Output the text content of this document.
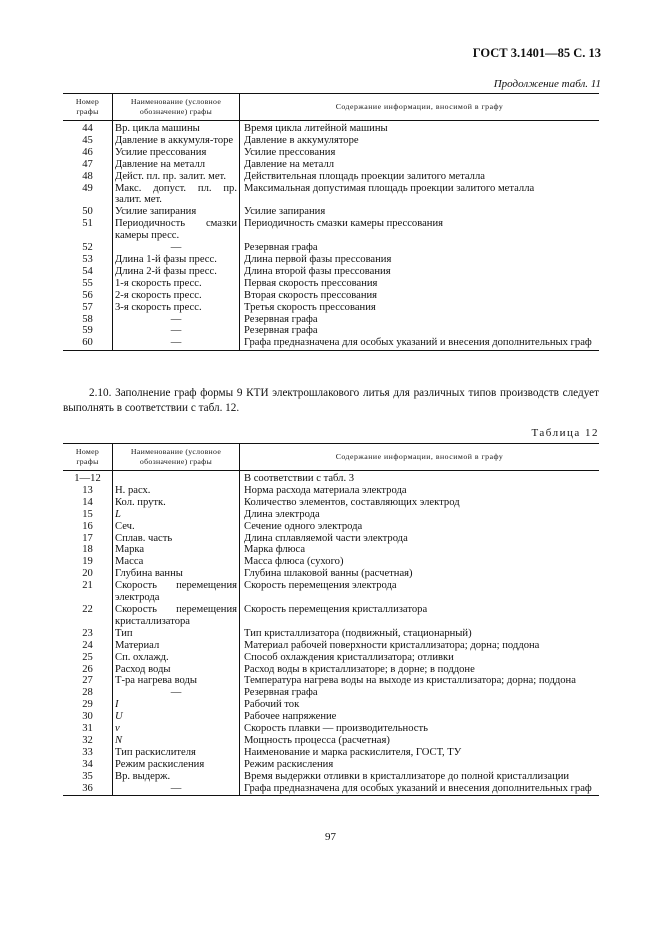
ГОСТ 3.1401—85 С. 13
Продолжение табл. 11
Номер графы	Наименование (условное обозначение) графы	Содержание информации, вносимой в графу
44	Вр. цикла машины	Время цикла литейной машины
45	Давление в аккумуля-торе	Давление в аккумуляторе
46	Усилие прессования	Усилие прессования
47	Давление на металл	Давление на металл
48	Дейст. пл. пр. залит. мет.	Действительная площадь проекции залитого металла
49	Макс. допуст. пл. пр. залит. мет.	Максимальная допустимая площадь проекции залитого металла
50	Усилие запирания	Усилие запирания
51	Периодичность смазки камеры пресс.	Периодичность смазки камеры прессования
52	—	Резервная графа
53	Длина 1-й фазы пресс.	Длина первой фазы прессования
54	Длина 2-й фазы пресс.	Длина второй фазы прессования
55	1-я скорость пресс.	Первая скорость прессования
56	2-я скорость пресс.	Вторая скорость прессования
57	3-я скорость пресс.	Третья скорость прессования
58	—	Резервная графа
59	—	Резервная графа
60	—	Графа предназначена для особых указаний и внесения дополнительных граф
2.10. Заполнение граф формы 9 КТИ электрошлакового литья для различных типов производств следует выполнять в соответствии с табл. 12.
Таблица 12
Номер графы	Наименование (условное обозначение) графы	Содержание информации, вносимой в графу
1—12		В соответствии с табл. 3
13	Н. расх.	Норма расхода материала электрода
14	Кол. прутк.	Количество элементов, составляющих электрод
15	L	Длина электрода
16	Сеч.	Сечение одного электрода
17	Сплав. часть	Длина сплавляемой части электрода
18	Марка	Марка флюса
19	Масса	Масса флюса (сухого)
20	Глубина ванны	Глубина шлаковой ванны (расчетная)
21	Скорость перемещения электрода	Скорость перемещения электрода
22	Скорость перемещения кристаллизатора	Скорость перемещения кристаллизатора
23	Тип	Тип кристаллизатора (подвижный, стационарный)
24	Материал	Материал рабочей поверхности кристаллизатора; дорна; поддона
25	Сп. охлажд.	Способ охлаждения кристаллизатора; отливки
26	Расход воды	Расход воды в кристаллизаторе; в дорне; в поддоне
27	Т-ра нагрева воды	Температура нагрева воды на выходе из кристаллизатора; дорна; поддона
28	—	Резервная графа
29	I	Рабочий ток
30	U	Рабочее напряжение
31	v	Скорость плавки — производительность
32	N	Мощность процесса (расчетная)
33	Тип раскислителя	Наименование и марка раскислителя, ГОСТ, ТУ
34	Режим раскисления	Режим раскисления
35	Вр. выдерж.	Время выдержки отливки в кристаллизаторе до полной кристаллизации
36	—	Графа предназначена для особых указаний и внесения дополнительных граф
97
